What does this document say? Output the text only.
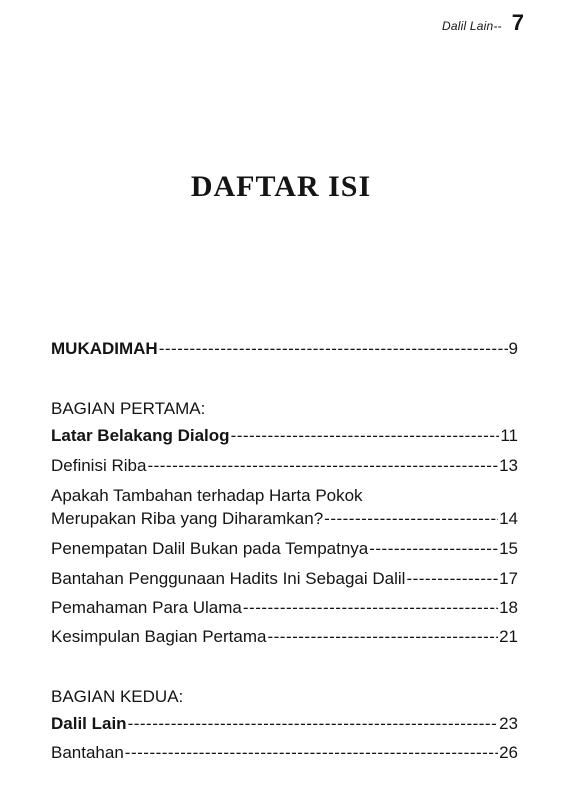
Dalil Lain-- 7
DAFTAR ISI
MUKADIMAH -----	9
BAGIAN PERTAMA:
Latar Belakang Dialog -----	11
Definisi Riba -----	13
Apakah Tambahan terhadap Harta Pokok
Merupakan Riba yang Diharamkan? -----	14
Penempatan Dalil Bukan pada Tempatnya -----	15
Bantahan Penggunaan Hadits Ini Sebagai Dalil -----	17
Pemahaman Para Ulama -----	18
Kesimpulan Bagian Pertama -----	21
BAGIAN KEDUA:
Dalil Lain -----	23
Bantahan -----	26
